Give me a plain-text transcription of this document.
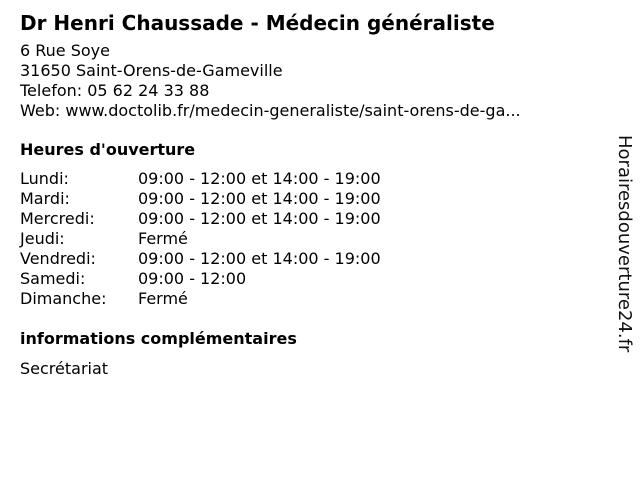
Dr Henri Chaussade - Médecin généraliste
6 Rue Soye
31650 Saint-Orens-de-Gameville
Telefon: 05 62 24 33 88
Web: www.doctolib.fr/medecin-generaliste/saint-orens-de-ga...
Heures d'ouverture
Lundi:	09:00 - 12:00 et 14:00 - 19:00
Mardi:	09:00 - 12:00 et 14:00 - 19:00
Mercredi:	09:00 - 12:00 et 14:00 - 19:00
Jeudi:	Fermé
Vendredi:	09:00 - 12:00 et 14:00 - 19:00
Samedi:	09:00 - 12:00
Dimanche:	Fermé
informations complémentaires
Secrétariat
Horairesdouverture24.fr
